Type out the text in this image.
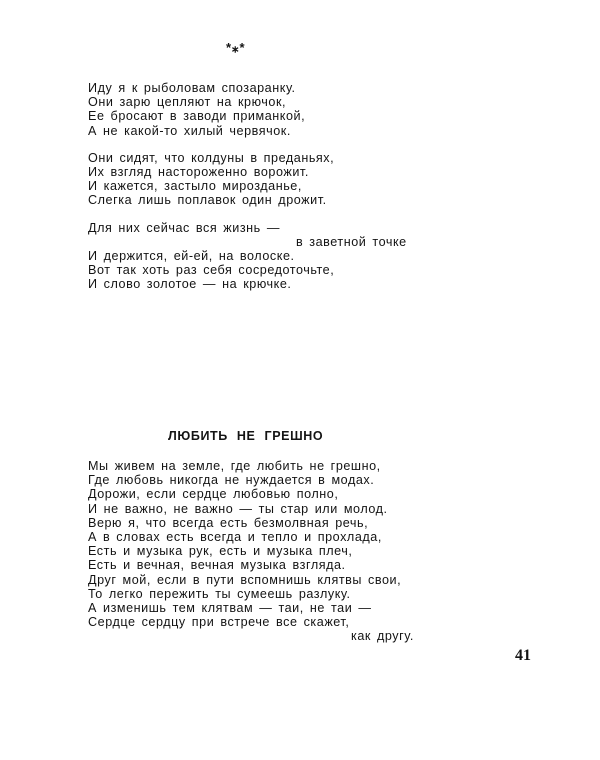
*⁎*
Иду я к рыболовам спозаранку.
Они зарю цепляют на крючок,
Ее бросают в заводи приманкой,
А не какой-то хилый червячок.
Они сидят, что колдуны в преданьях,
Их взгляд настороженно ворожит.
И кажется, застыло мирозданье,
Слегка лишь поплавок один дрожит.
Для них сейчас вся жизнь —
в заветной точке
И держится, ей-ей, на волоске.
Вот так хоть раз себя сосредоточьте,
И слово золотое — на крючке.
ЛЮБИТЬ НЕ ГРЕШНО
Мы живем на земле, где любить не грешно,
Где любовь никогда не нуждается в модах.
Дорожи, если сердце любовью полно,
И не важно, не важно — ты стар или молод.
Верю я, что всегда есть безмолвная речь,
А в словах есть всегда и тепло и прохлада,
Есть и музыка рук, есть и музыка плеч,
Есть и вечная, вечная музыка взгляда.
Друг мой, если в пути вспомнишь клятвы свои,
То легко пережить ты сумеешь разлуку.
А изменишь тем клятвам — таи, не таи —
Сердце сердцу при встрече все скажет,
как другу.
41
